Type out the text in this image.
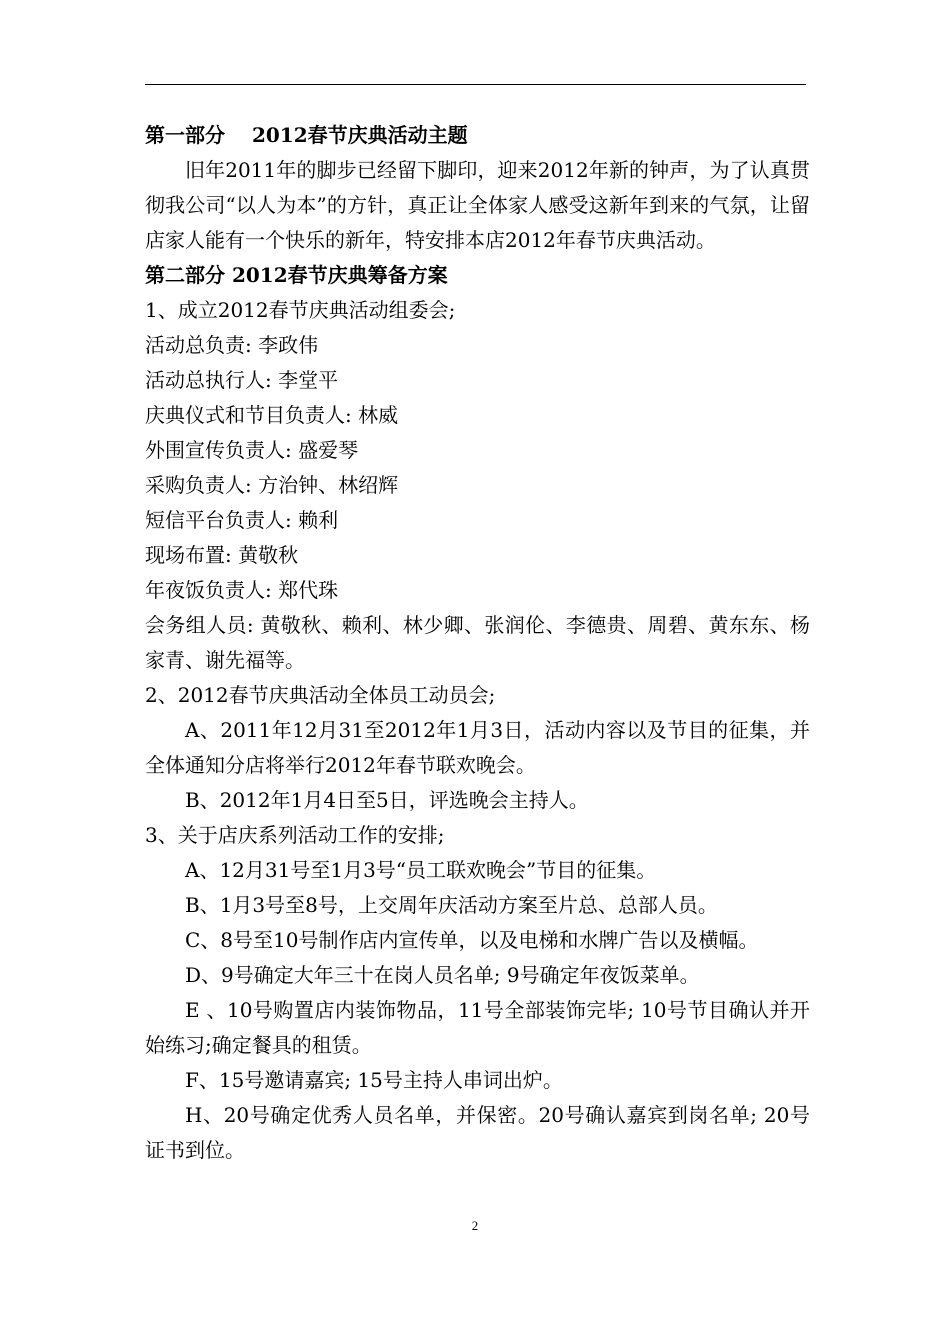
第一部分　 2012春节庆典活动主题

旧年2011年的脚步已经留下脚印，迎来2012年新的钟声，为了认真贯彻我公司“以人为本”的方针，真正让全体家人感受这新年到来的气氛，让留店家人能有一个快乐的新年，特安排本店2012年春节庆典活动。

第二部分 2012春节庆典筹备方案

1、成立2012春节庆典活动组委会;

活动总负责: 李政伟

活动总执行人: 李堂平

庆典仪式和节目负责人: 林威

外围宣传负责人: 盛爱琴

采购负责人: 方治钟、林绍辉

短信平台负责人: 赖利

现场布置: 黄敬秋

年夜饭负责人: 郑代珠

会务组人员: 黄敬秋、赖利、林少卿、张润伦、李德贵、周碧、黄东东、杨家青、谢先福等。

2、2012春节庆典活动全体员工动员会;

A、2011年12月31至2012年1月3日，活动内容以及节目的征集，并全体通知分店将举行2012年春节联欢晚会。

B、2012年1月4日至5日，评选晚会主持人。

3、关于店庆系列活动工作的安排;

A、12月31号至1月3号“员工联欢晚会”节目的征集。

B、1月3号至8号，上交周年庆活动方案至片总、总部人员。

C、8号至10号制作店内宣传单，以及电梯和水牌广告以及横幅。

D、9号确定大年三十在岗人员名单; 9号确定年夜饭菜单。

E 、10号购置店内装饰物品，11号全部装饰完毕; 10号节目确认并开始练习;确定餐具的租赁。

F、15号邀请嘉宾; 15号主持人串词出炉。

H、20号确定优秀人员名单，并保密。20号确认嘉宾到岗名单; 20号证书到位。

2
